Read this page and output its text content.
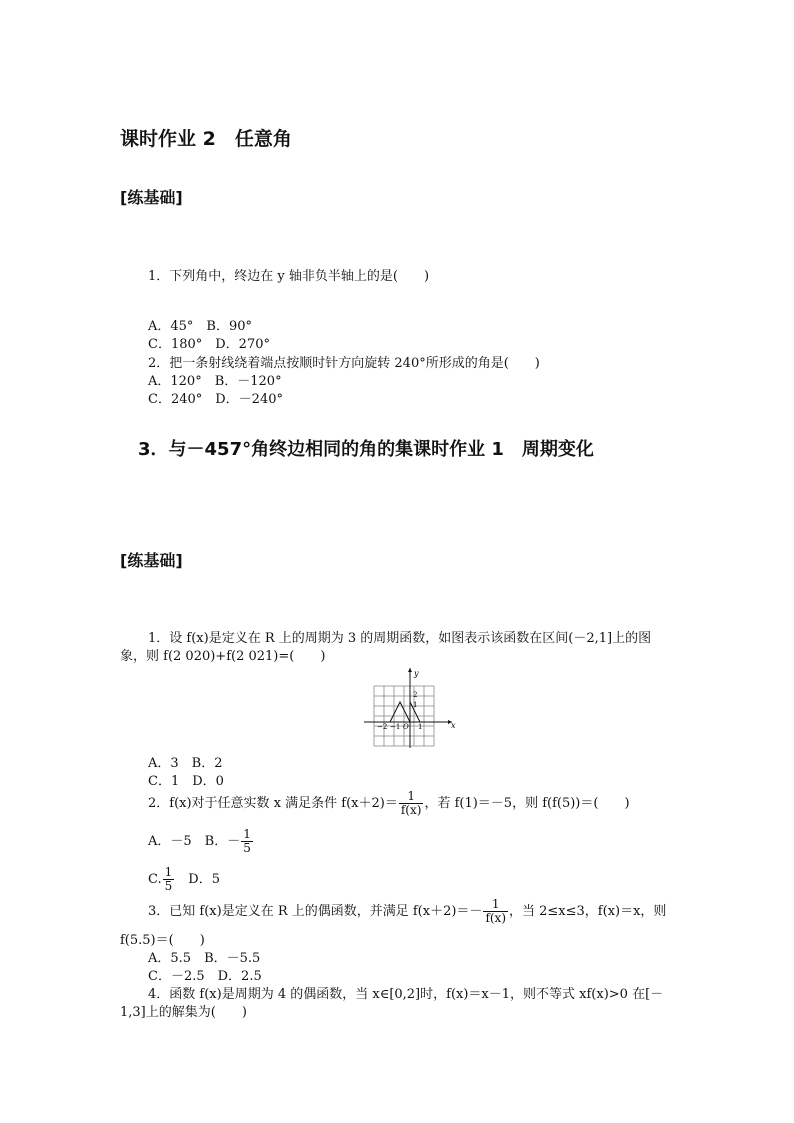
课时作业 2　任意角
[练基础]
1．下列角中，终边在 y 轴非负半轴上的是(　　)
A．45°　B．90°
C．180°　D．270°
2．把一条射线绕着端点按顺时针方向旋转 240°所形成的角是(　　)
A．120°　B．－120°
C．240°　D．－240°
3．与－457°角终边相同的角的集课时作业 1　周期变化
[练基础]
1．设 f(x)是定义在 R 上的周期为 3 的周期函数，如图表示该函数在区间(－2,1]上的图
象，则 f(2 020)+f(2 021)=(　　)
y
x
−2 −1 O 1
2
1
A．3　B．2
C．1　D．0
2．f(x)对于任意实数 x 满足条件 $f(x+2)= \frac{1}{f(x)}$ ，若 f(1)＝－5，则 f(f(5))＝(　　)
A．－5　B．－ $\frac{1}{5}$
C. $\frac{1}{5}$ 　D．5
3．已知 f(x)是定义在 R 上的偶函数，并满足 $f(x+2)=- \frac{1}{f(x)}$ ，当 2≤x≤3，f(x)＝x，则
f(5.5)＝(　　)
A．5.5　B．－5.5
C．－2.5　D．2.5
4．函数 f(x)是周期为 4 的偶函数，当 x∈[0,2]时，f(x)＝x－1，则不等式 xf(x)>0 在[－
1,3]上的解集为(　　)
